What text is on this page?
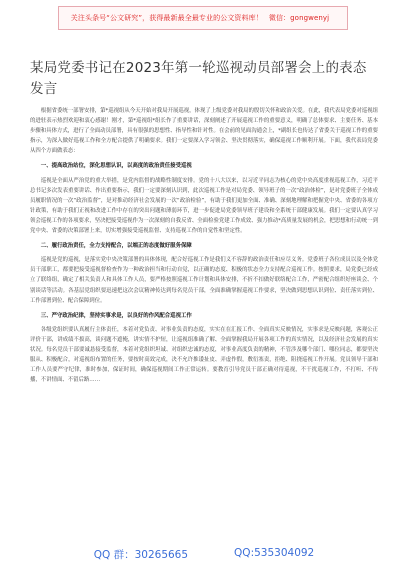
关注头条号“公文研究”，获得最新最全最专业的公文资料库！ 微信：gongwenyj
某局党委书记在2023年第一轮巡视动员部署会上的表态发言

根据省委统一部署安排，第*巡视组从今天开始对我局开展巡视，体现了上级党委对我局的殷切关怀和政治关爱。在此，我代表局党委对巡视组的进驻表示热烈欢迎和衷心感谢！刚才，第*巡视组*组长作了重要讲话，深刻阐述了开展巡视工作的重要意义，明确了总体要求、主要任务、基本步骤和具体方式，进行了全面动员部署，具有很强的思想性、指导性和针对性。在会前的见面沟通会上，*副组长也传达了省委关于巡视工作的重要指示，为深入做好巡视工作和全方配合提供了明确要求。我们一定要深入学习领会、坚决贯彻落实，确保巡视工作顺利开展。下面，我代表局党委从四个方面做表态：

一、提高政治站位，深化思想认识，以高度的政治责任接受巡视

巡视是全面从严治党的重大举措，是党内监督的战略性制度安排。党的十八大以来，以习近平同志为核心的党中央高度重视巡视工作，习近平总书记多次发表重要讲话、作出重要指示，我们一定要深刻认识到，此次巡视工作是对局党委、领导班子的一次“政治体检”，是对党委班子全体成员履职情况的一次“政治监督”，是对推动经济社会发展的一次“政治检验”，有助于我们更加全面、准确、深刻地理解和把握党中央、省委的各项方针政策，有助于我们正视和改进工作中存在的突出问题和薄弱环节，进一步促进局党委领导班子建设和全系统干部健康发展。我们一定要认真学习领会巡视工作的各项要求，坚决把接受巡视作为一次深刻的自我反省、全面检验党建工作成效、强力推动*高质量发展的机会，把思想和行动统一到党中央、省委的决策部署上来，切实增强接受巡视监督、支持巡视工作的自觉性和坚定性。

二、履行政治责任，全力支持配合，以端正的态度做好服务保障

巡视是党的巡视，是落实党中央决策部署的具体体现，配合好巡视工作是我们义不容辞的政治责任和应尽义务。党委班子各位成员以及全体党员干部职工，都要把接受巡视督检查作为一种政治担当和行动自觉，以正确的态度、积极的状态全力支持配合巡视工作。按照要求，局党委已经成立了联络组，确定了相关负责人和具体工作人员，要严格按照巡视工作计划和具体安排，不折不扣做好联络配合工作，严密配合组织好座谈会、个别谈话等活动。各基层党组织要迅速把这次会议精神传达到每名党员干部，全面准确掌握巡视工作要求，坚决做到思想认识到位、责任落实到位、工作部署到位、配合保障到位。

三、严守政治纪律，坚持实事求是，以良好的作风配合巡视工作

各级党组织要认真履行主体责任，本着对党负责、对事业负责的态度，实实在在汇报工作、全面真实反映情况，实事求是反映问题，客观公正评价干部，讲成绩不拔高，谈问题不遮掩，讲实情不护短，让巡视组准确了解、全面掌握我局开展各项工作的真实情况，以及经济社会发展的真实状况。每名党员干部要诚恳接受监督，本着对党组织坦诚、对组织忠诚的态度，对事业高度负责的精神，不管涉及哪个部门、哪位同志，都要坚决服从、积极配合，对巡视组布置的任务，要按时高效完成，决不允许推诿扯皮、弄虚作假，敷衍塞责，拒绝、阻挠巡视工作开展。党员领导干部和工作人员要严守纪律，准时参加，保证时间，确保巡视期间工作正常运转。要教育引导党员干部正确对待巡视，不干扰巡视工作，不打听、不传播，不讲情面、不留后路……

QQ 群：30265665	QQ:535304092
